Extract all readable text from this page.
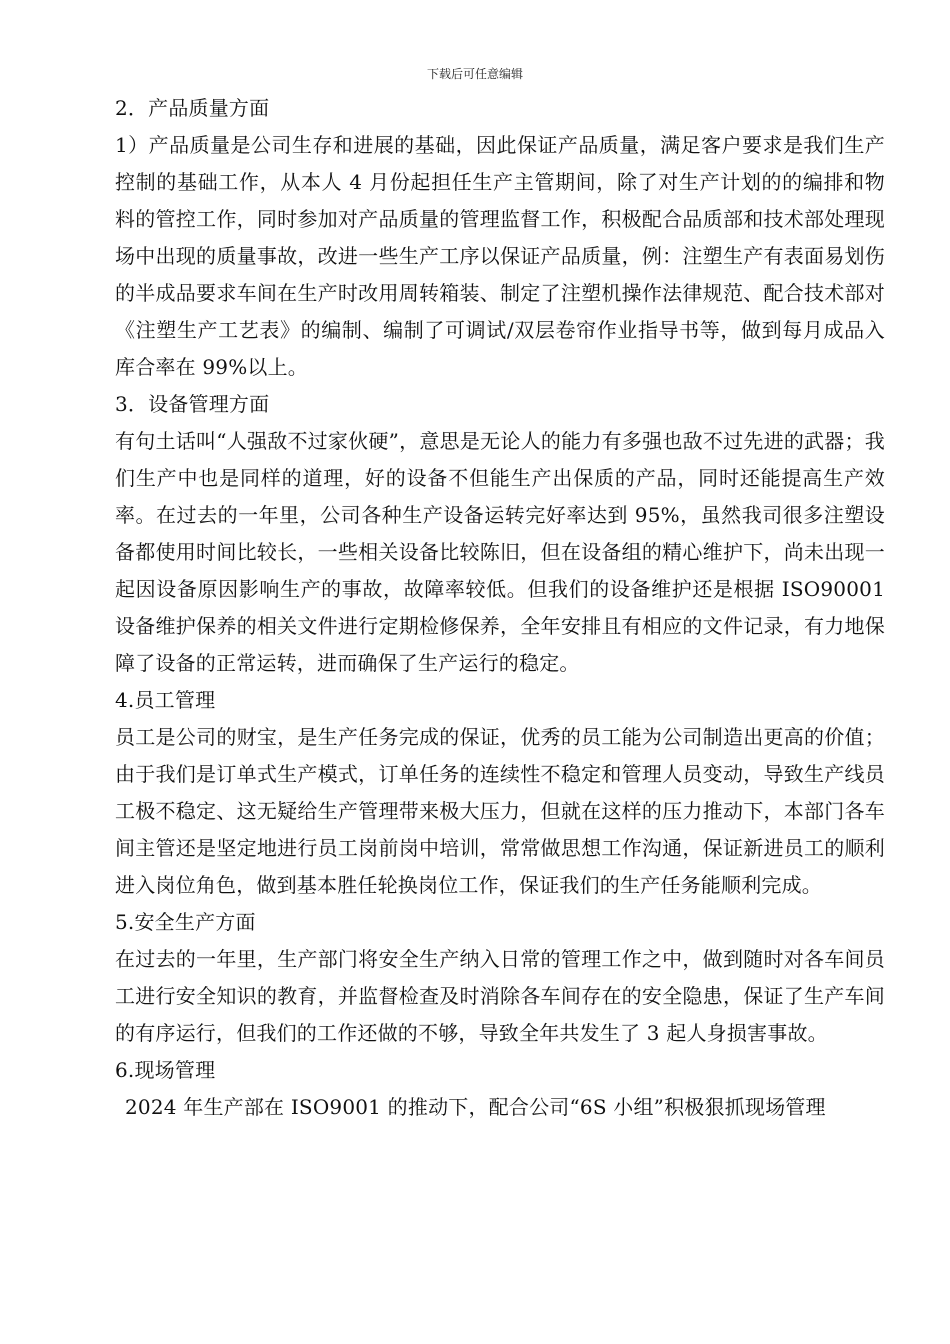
下载后可任意编辑

2．产品质量方面

1）产品质量是公司生存和进展的基础，因此保证产品质量，满足客户要求是我们生产控制的基础工作，从本人 4 月份起担任生产主管期间，除了对生产计划的的编排和物料的管控工作，同时参加对产品质量的管理监督工作，积极配合品质部和技术部处理现场中出现的质量事故，改进一些生产工序以保证产品质量，例：注塑生产有表面易划伤的半成品要求车间在生产时改用周转箱装、制定了注塑机操作法律规范、配合技术部对《注塑生产工艺表》的编制、编制了可调试/双层卷帘作业指导书等，做到每月成品入库合率在 99%以上。

3．设备管理方面

有句土话叫“人强敌不过家伙硬”，意思是无论人的能力有多强也敌不过先进的武器；我们生产中也是同样的道理，好的设备不但能生产出保质的产品，同时还能提高生产效率。在过去的一年里，公司各种生产设备运转完好率达到 95%，虽然我司很多注塑设备都使用时间比较长，一些相关设备比较陈旧，但在设备组的精心维护下，尚未出现一起因设备原因影响生产的事故，故障率较低。但我们的设备维护还是根据 ISO90001 设备维护保养的相关文件进行定期检修保养，全年安排且有相应的文件记录，有力地保障了设备的正常运转，进而确保了生产运行的稳定。

4.员工管理

员工是公司的财宝，是生产任务完成的保证，优秀的员工能为公司制造出更高的价值；由于我们是订单式生产模式，订单任务的连续性不稳定和管理人员变动，导致生产线员工极不稳定、这无疑给生产管理带来极大压力，但就在这样的压力推动下，本部门各车间主管还是坚定地进行员工岗前岗中培训，常常做思想工作沟通，保证新进员工的顺利进入岗位角色，做到基本胜任轮换岗位工作，保证我们的生产任务能顺利完成。

5.安全生产方面

在过去的一年里，生产部门将安全生产纳入日常的管理工作之中，做到随时对各车间员工进行安全知识的教育，并监督检查及时消除各车间存在的安全隐患，保证了生产车间的有序运行，但我们的工作还做的不够，导致全年共发生了 3 起人身损害事故。

6.现场管理

2024 年生产部在 ISO9001 的推动下，配合公司“6S 小组”积极狠抓现场管理
